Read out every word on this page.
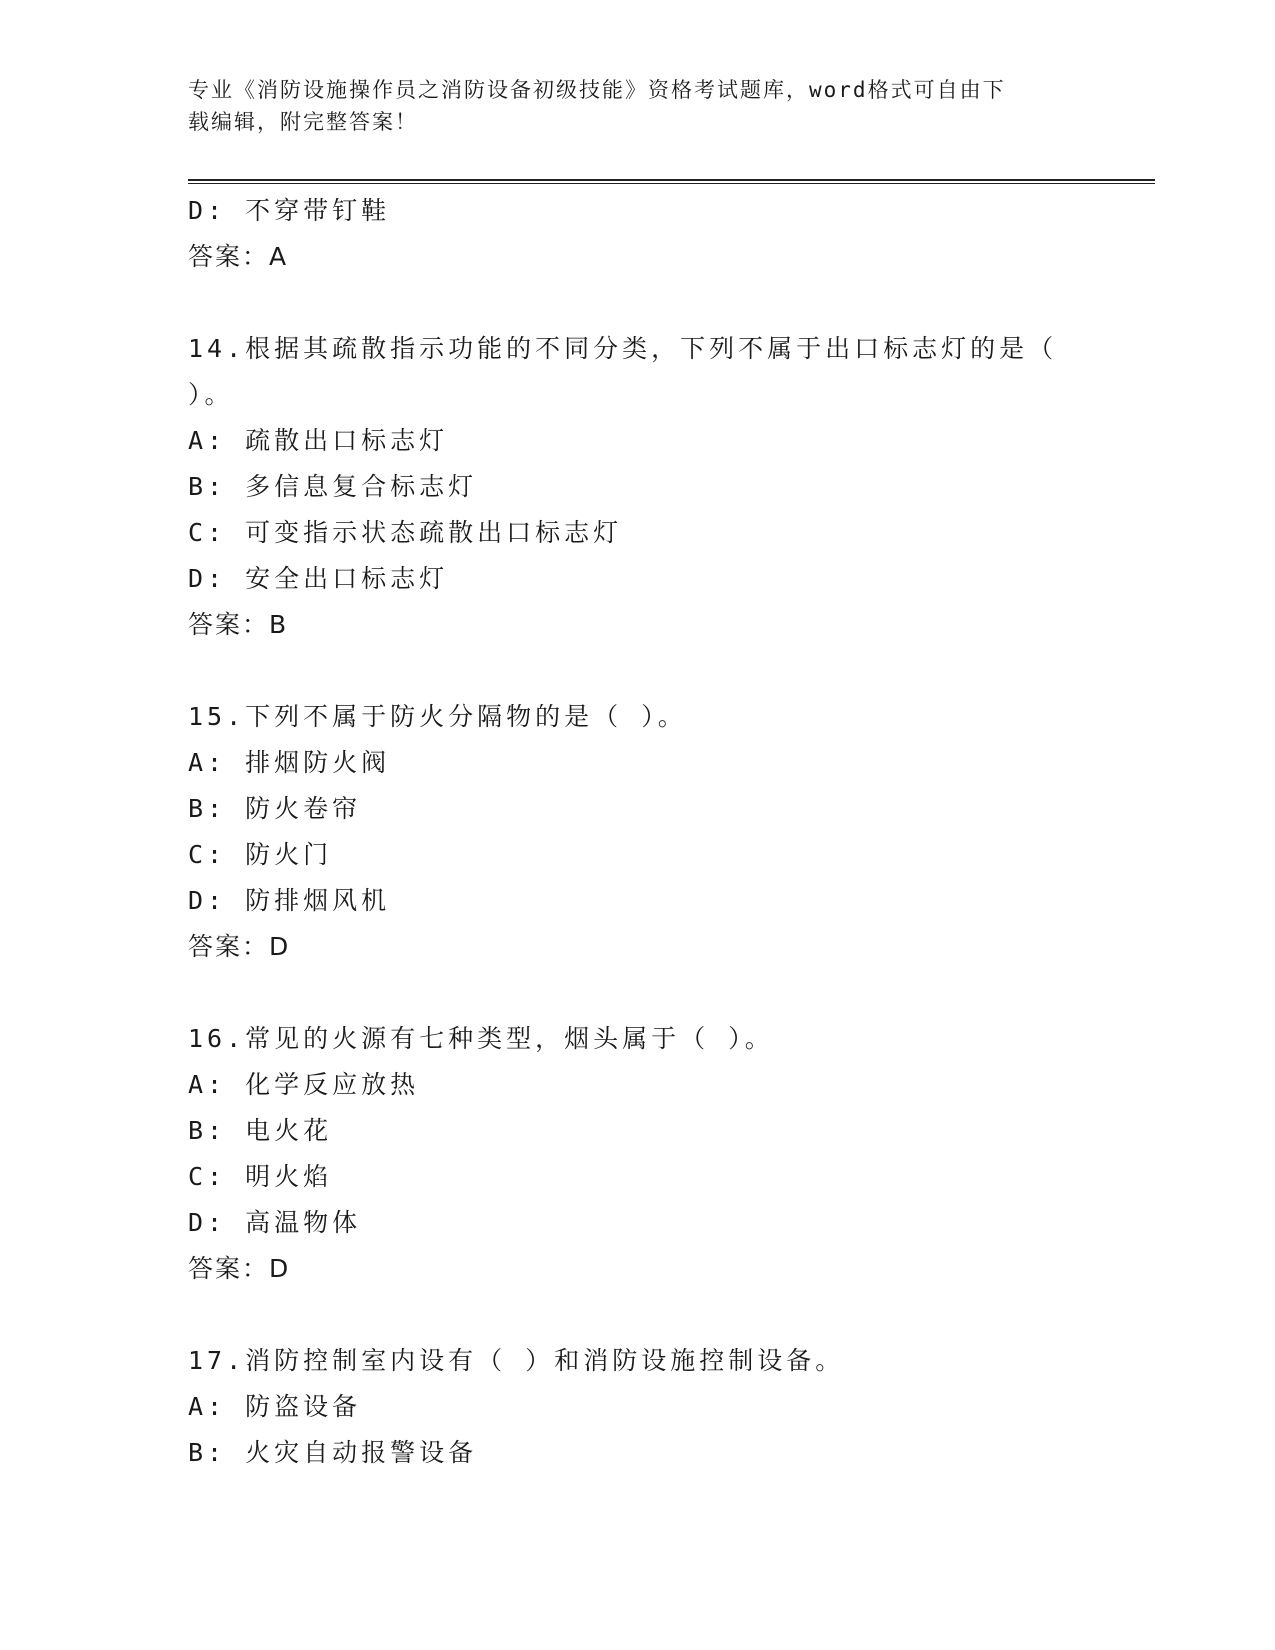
专业《消防设施操作员之消防设备初级技能》资格考试题库，word格式可自由下
载编辑，附完整答案！
D: 不穿带钉鞋
答案：A
14.根据其疏散指示功能的不同分类，下列不属于出口标志灯的是（
）。
A: 疏散出口标志灯
B: 多信息复合标志灯
C: 可变指示状态疏散出口标志灯
D: 安全出口标志灯
答案：B
15.下列不属于防火分隔物的是（ ）。
A: 排烟防火阀
B: 防火卷帘
C: 防火门
D: 防排烟风机
答案：D
16.常见的火源有七种类型，烟头属于（ ）。
A: 化学反应放热
B: 电火花
C: 明火焰
D: 高温物体
答案：D
17.消防控制室内设有（ ）和消防设施控制设备。
A: 防盗设备
B: 火灾自动报警设备
